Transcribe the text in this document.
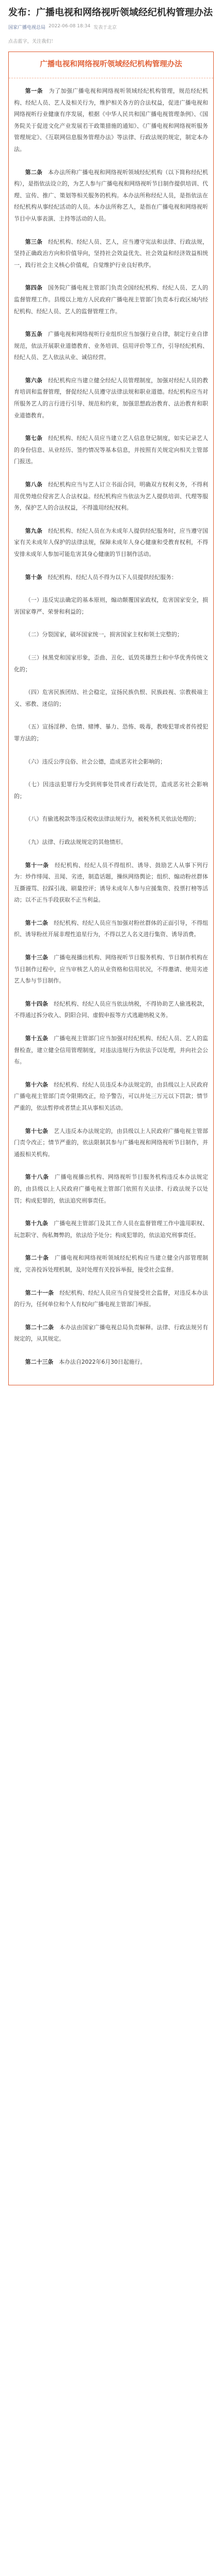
发布：广播电视和网络视听领域经纪机构管理办法
国家广播电视总局 2022-06-08 18:34 发表于北京
点击蓝字，关注我们！
广播电视和网络视听领域经纪机构管理办法
第一条　为了加强广播电视和网络视听领域经纪机构管理，规范经纪机构、经纪人员、艺人及相关行为，维护相关各方的合法权益，促进广播电视和网络视听行业健康有序发展，根据《中华人民共和国广播电视管理条例》、《国务院关于促进文化产业发展若干政策措施的通知》、《广播电视和网络视听服务管理规定》、《互联网信息服务管理办法》等法律、行政法规的规定，制定本办法。
第二条　本办法所称广播电视和网络视听领域经纪机构（以下简称经纪机构），是指依法设立的，为艺人参与广播电视和网络视听节目制作提供培训、代理、宣传、推广、策划等相关服务的机构。本办法所称经纪人员，是指依法在经纪机构从事经纪活动的人员。本办法所称艺人，是指在广播电视和网络视听节目中从事表演、主持等活动的人员。
第三条　经纪机构、经纪人员、艺人，应当遵守宪法和法律、行政法规，坚持正确政治方向和价值导向，坚持社会效益优先、社会效益和经济效益相统一，践行社会主义核心价值观，自觉维护行业良好秩序。
第四条　国务院广播电视主管部门负责全国经纪机构、经纪人员、艺人的监督管理工作。县级以上地方人民政府广播电视主管部门负责本行政区域内经纪机构、经纪人员、艺人的监督管理工作。
第五条　广播电视和网络视听行业组织应当加强行业自律，制定行业自律规范，依法开展职业道德教育、业务培训、信用评价等工作，引导经纪机构、经纪人员、艺人依法从业、诚信经营。
第六条　经纪机构应当建立健全经纪人员管理制度，加强对经纪人员的教育培训和监督管理，督促经纪人员遵守法律法规和职业道德。经纪机构应当对所服务艺人的言行进行引导、规范和约束，加强思想政治教育、法治教育和职业道德教育。
第七条　经纪机构、经纪人员应当建立艺人信息登记制度，如实记录艺人的身份信息、从业经历、签约情况等基本信息，并按照有关规定向相关主管部门报送。
第八条　经纪机构应当与艺人订立书面合同，明确双方权利义务，不得利用优势地位侵害艺人合法权益。经纪机构应当依法为艺人提供培训、代理等服务，保护艺人的合法权益，不得滥用经纪权利。
第九条　经纪机构、经纪人员在为未成年人提供经纪服务时，应当遵守国家有关未成年人保护的法律法规，保障未成年人身心健康和受教育权利，不得安排未成年人参加可能危害其身心健康的节目制作活动。
第十条　经纪机构、经纪人员不得为以下人员提供经纪服务：
（一）违反宪法确定的基本原则，煽动颠覆国家政权，危害国家安全，损害国家尊严、荣誉和利益的；
（二）分裂国家，破坏国家统一，损害国家主权和领土完整的；
（三）抹黑党和国家形象，歪曲、丑化、诋毁英雄烈士和中华优秀传统文化的；
（四）危害民族团结、社会稳定，宣扬民族仇恨、民族歧视、宗教极端主义、邪教、迷信的；
（五）宣扬淫秽、色情、赌博、暴力、恐怖、吸毒，教唆犯罪或者传授犯罪方法的；
（六）违反公序良俗、社会公德，造成恶劣社会影响的；
（七）因违法犯罪行为受到刑事处罚或者行政处罚，造成恶劣社会影响的；
（八）有偷逃税款等违反税收法律法规行为，被税务机关依法处理的；
（九）法律、行政法规规定的其他情形。
第十一条　经纪机构、经纪人员不得组织、诱导、鼓励艺人从事下列行为：炒作绯闻、丑闻、劣迹，制造话题，操纵网络舆论；组织、煽动粉丝群体互撕谩骂、拉踩引战、刷量控评；诱导未成年人参与应援集资、投票打榜等活动；以不正当手段获取不正当利益。
第十二条　经纪机构、经纪人员应当加强对粉丝群体的正面引导，不得组织、诱导粉丝开展非理性追星行为，不得以艺人名义进行集资、诱导消费。
第十三条　广播电视播出机构、网络视听节目服务机构、节目制作机构在节目制作过程中，应当审核艺人的从业资格和信用状况，不得邀请、使用劣迹艺人参与节目制作。
第十四条　经纪机构、经纪人员应当依法纳税，不得协助艺人偷逃税款，不得通过拆分收入、阴阳合同、虚假申报等方式逃避纳税义务。
第十五条　广播电视主管部门应当加强对经纪机构、经纪人员、艺人的监督检查，建立健全信用管理制度，对违法违规行为依法予以处理，并向社会公布。
第十六条　经纪机构、经纪人员违反本办法规定的，由县级以上人民政府广播电视主管部门责令限期改正，给予警告，可以并处三万元以下罚款；情节严重的，依法暂停或者禁止其从事相关活动。
第十七条　艺人违反本办法规定的，由县级以上人民政府广播电视主管部门责令改正；情节严重的，依法限制其参与广播电视和网络视听节目制作，并通报相关机构。
第十八条　广播电视播出机构、网络视听节目服务机构违反本办法规定的，由县级以上人民政府广播电视主管部门依照有关法律、行政法规予以处罚；构成犯罪的，依法追究刑事责任。
第十九条　广播电视主管部门及其工作人员在监督管理工作中滥用职权、玩忽职守、徇私舞弊的，依法给予处分；构成犯罪的，依法追究刑事责任。
第二十条　广播电视和网络视听领域经纪机构应当建立健全内部管理制度，完善投诉处理机制，及时处理有关投诉举报，接受社会监督。
第二十一条　经纪机构、经纪人员应当自觉接受社会监督，对违反本办法的行为，任何单位和个人有权向广播电视主管部门举报。
第二十二条　本办法由国家广播电视总局负责解释。法律、行政法规另有规定的，从其规定。
第二十三条　本办法自2022年6月30日起施行。
